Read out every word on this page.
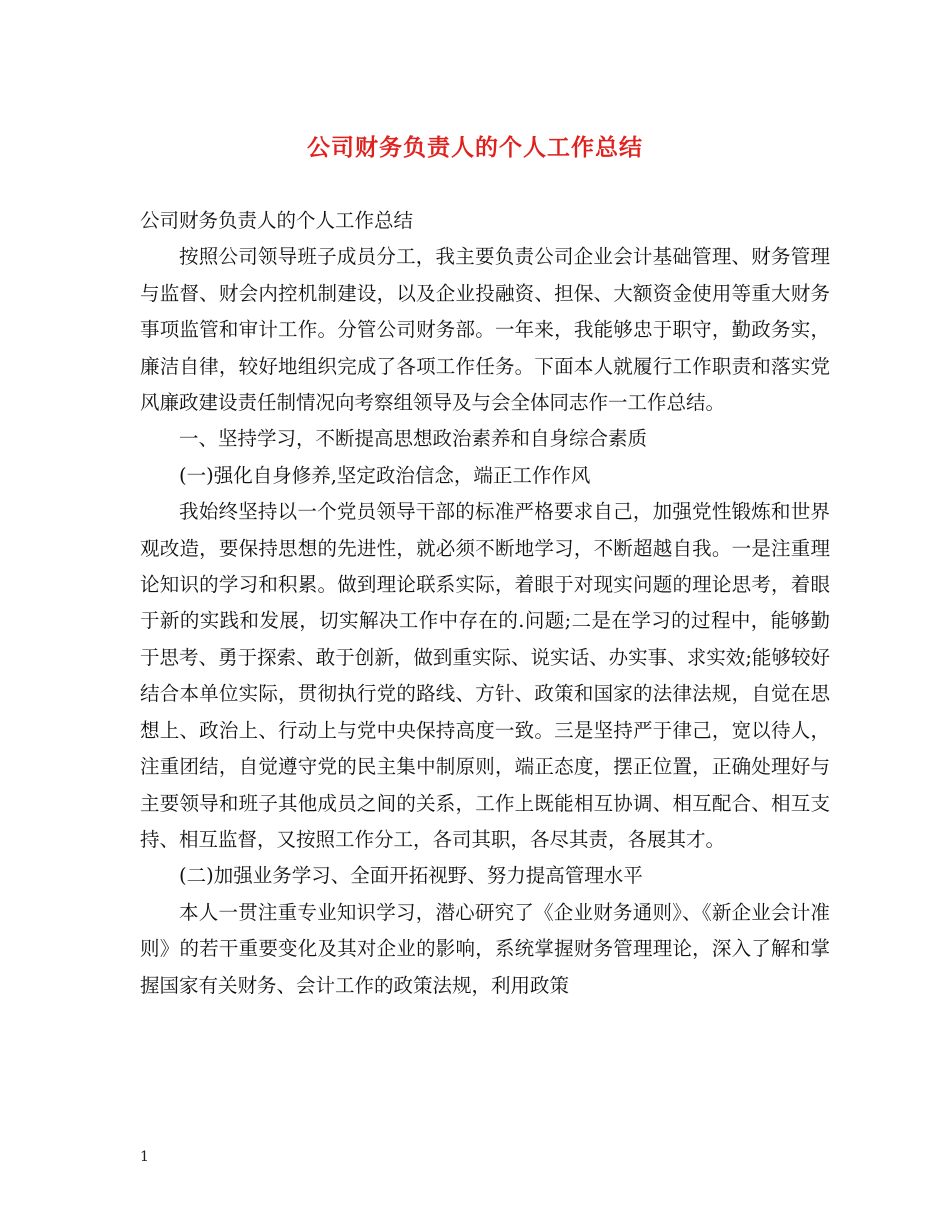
公司财务负责人的个人工作总结

公司财务负责人的个人工作总结

按照公司领导班子成员分工，我主要负责公司企业会计基础管理、财务管理与监督、财会内控机制建设，以及企业投融资、担保、大额资金使用等重大财务事项监管和审计工作。分管公司财务部。一年来，我能够忠于职守，勤政务实，廉洁自律，较好地组织完成了各项工作任务。下面本人就履行工作职责和落实党风廉政建设责任制情况向考察组领导及与会全体同志作一工作总结。

一、坚持学习，不断提高思想政治素养和自身综合素质

(一)强化自身修养,坚定政治信念，端正工作作风

我始终坚持以一个党员领导干部的标准严格要求自己，加强党性锻炼和世界观改造，要保持思想的先进性，就必须不断地学习，不断超越自我。一是注重理论知识的学习和积累。做到理论联系实际，着眼于对现实问题的理论思考，着眼于新的实践和发展，切实解决工作中存在的.问题;二是在学习的过程中，能够勤于思考、勇于探索、敢于创新，做到重实际、说实话、办实事、求实效;能够较好结合本单位实际，贯彻执行党的路线、方针、政策和国家的法律法规，自觉在思想上、政治上、行动上与党中央保持高度一致。三是坚持严于律己，宽以待人，注重团结，自觉遵守党的民主集中制原则，端正态度，摆正位置，正确处理好与主要领导和班子其他成员之间的关系，工作上既能相互协调、相互配合、相互支持、相互监督，又按照工作分工，各司其职，各尽其责，各展其才。

(二)加强业务学习、全面开拓视野、努力提高管理水平

本人一贯注重专业知识学习，潜心研究了《企业财务通则》、《新企业会计准则》的若干重要变化及其对企业的影响，系统掌握财务管理理论，深入了解和掌握国家有关财务、会计工作的政策法规，利用政策

1
